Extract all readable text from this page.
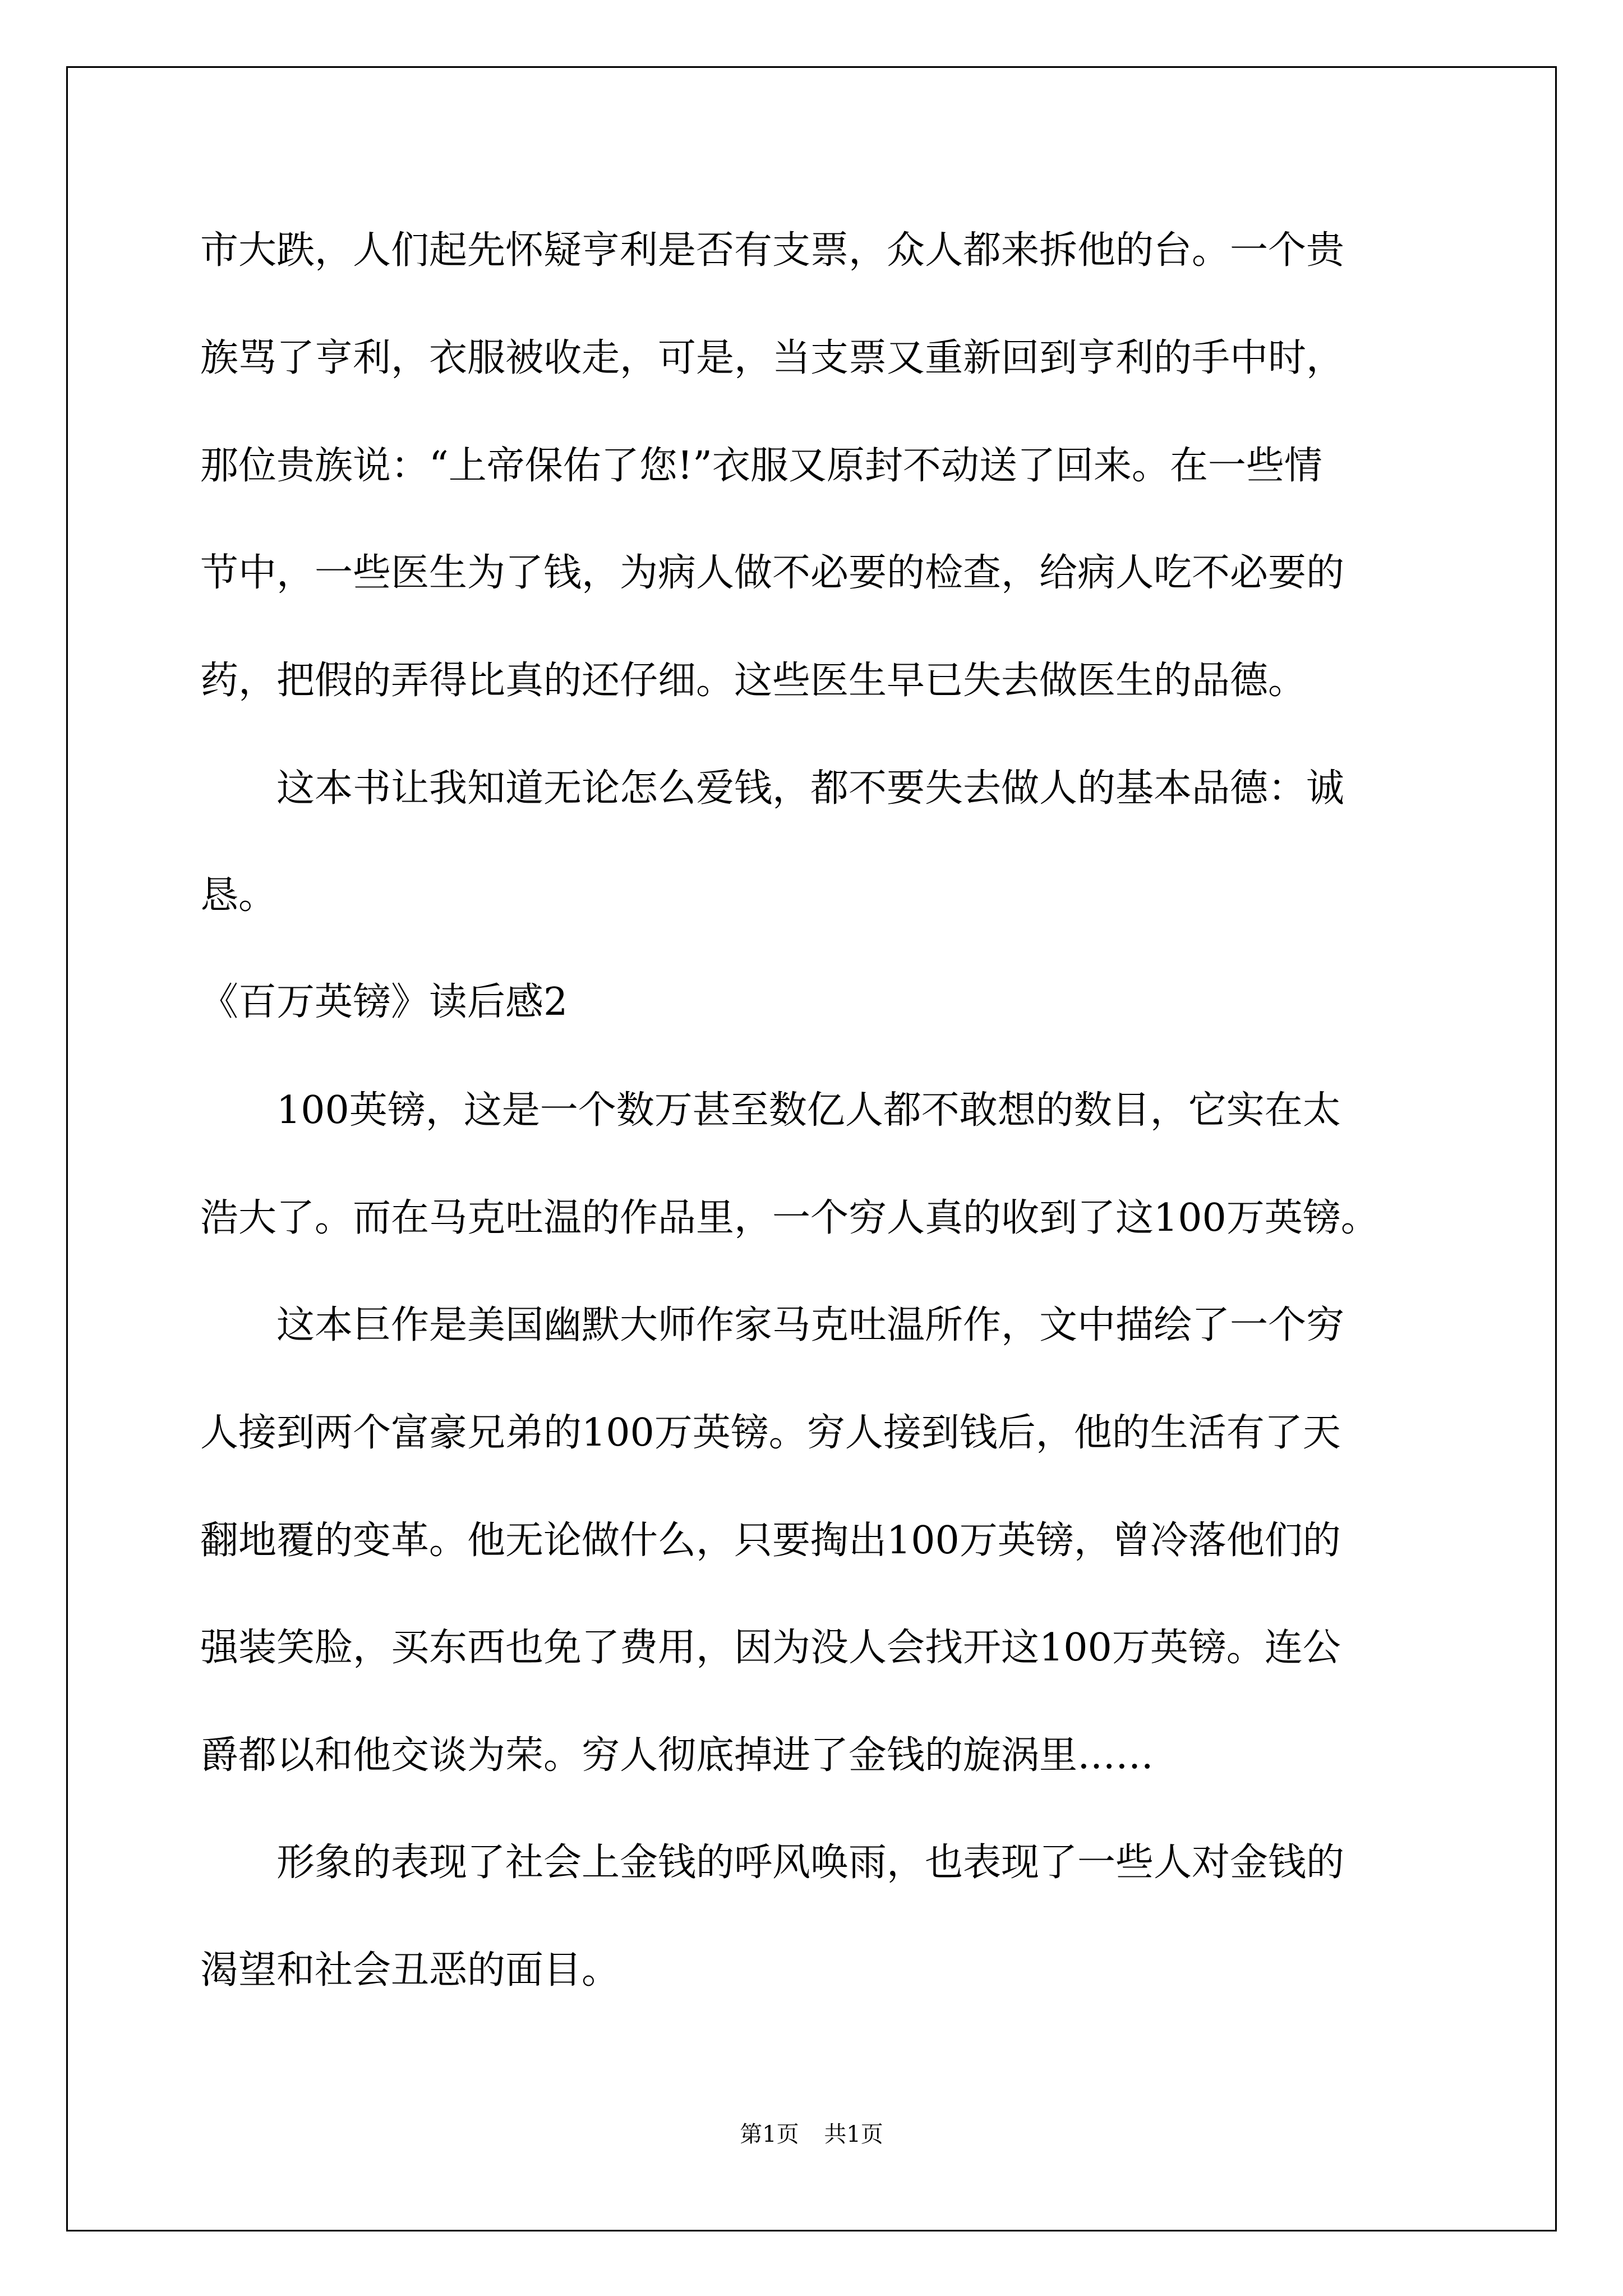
市大跌，人们起先怀疑亨利是否有支票，众人都来拆他的台。一个贵
族骂了亨利，衣服被收走，可是，当支票又重新回到亨利的手中时，
那位贵族说：“上帝保佑了您!”衣服又原封不动送了回来。在一些情
节中，一些医生为了钱，为病人做不必要的检查，给病人吃不必要的
药，把假的弄得比真的还仔细。这些医生早已失去做医生的品德。
　　这本书让我知道无论怎么爱钱，都不要失去做人的基本品德：诚
恳。
《百万英镑》读后感2
　　100英镑，这是一个数万甚至数亿人都不敢想的数目，它实在太
浩大了。而在马克吐温的作品里，一个穷人真的收到了这100万英镑。
　　这本巨作是美国幽默大师作家马克吐温所作，文中描绘了一个穷
人接到两个富豪兄弟的100万英镑。穷人接到钱后，他的生活有了天
翻地覆的变革。他无论做什么，只要掏出100万英镑，曾冷落他们的
强装笑脸，买东西也免了费用，因为没人会找开这100万英镑。连公
爵都以和他交谈为荣。穷人彻底掉进了金钱的旋涡里……
　　形象的表现了社会上金钱的呼风唤雨，也表现了一些人对金钱的
渴望和社会丑恶的面目。
第1页 共1页
